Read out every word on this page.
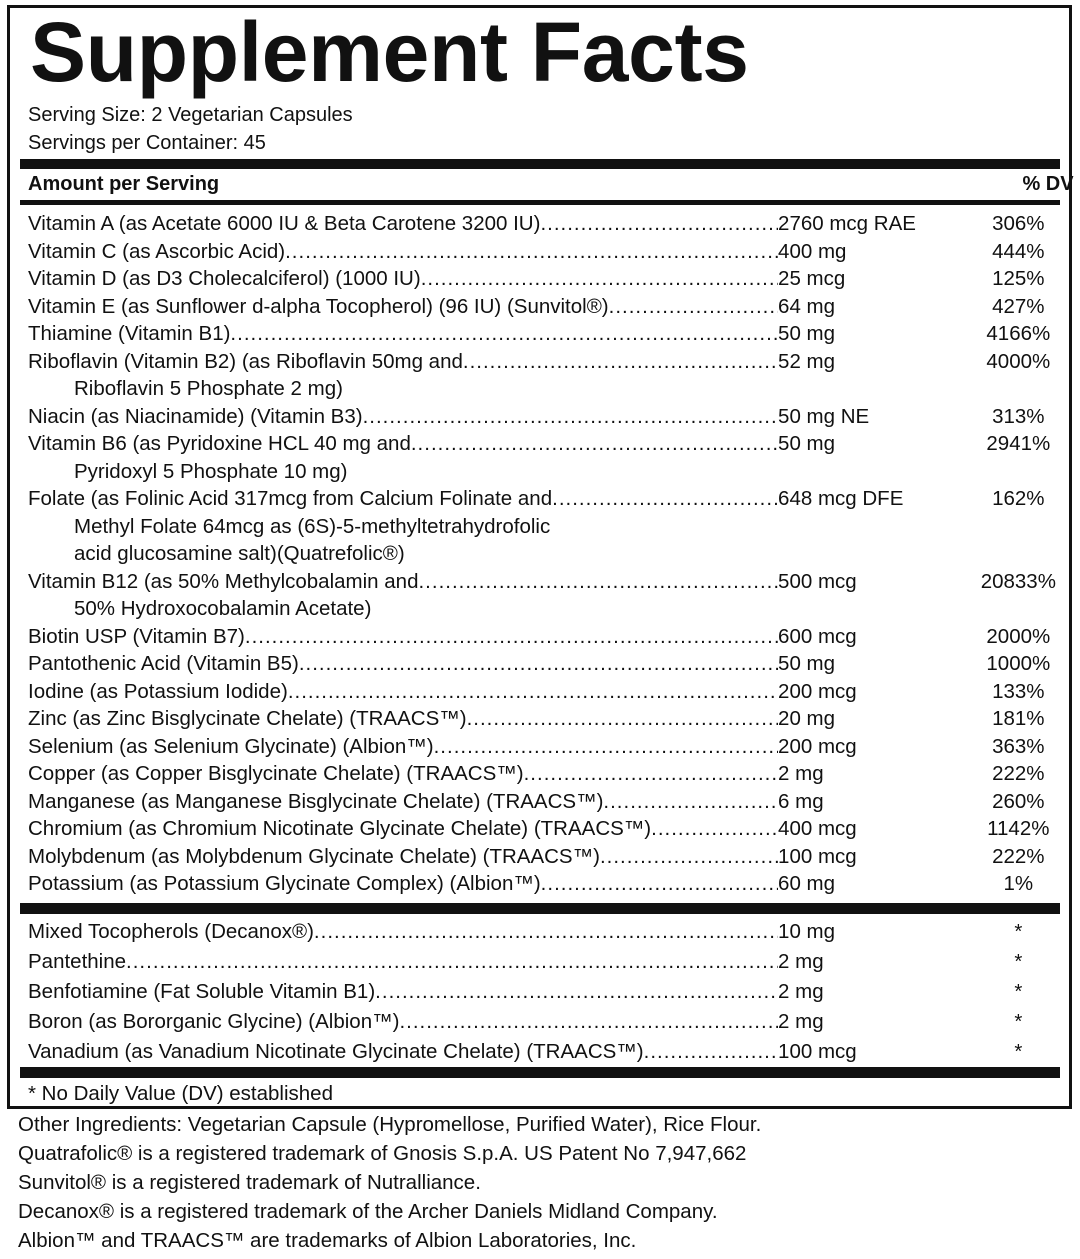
Supplement Facts
Serving Size: 2 Vegetarian Capsules
Servings per Container: 45
Amount per Serving	% DV
Vitamin A (as Acetate 6000 IU & Beta Carotene 3200 IU) .....	2760 mcg RAE	306%
Vitamin C (as Ascorbic Acid) .....	400 mg	444%
Vitamin D (as D3 Cholecalciferol) (1000 IU) .....	25 mcg	125%
Vitamin E (as Sunflower d-alpha Tocopherol) (96 IU) (Sunvitol®) .....	64 mg	427%
Thiamine (Vitamin B1) .....	50 mg	4166%
Riboflavin (Vitamin B2) (as Riboflavin 50mg and .....	52 mg	4000%
Riboflavin 5 Phosphate 2 mg)
Niacin (as Niacinamide) (Vitamin B3) .....	50 mg NE	313%
Vitamin B6 (as Pyridoxine HCL 40 mg and .....	50 mg	2941%
Pyridoxyl 5 Phosphate 10 mg)
Folate (as Folinic Acid 317mcg from Calcium Folinate and .....	648 mcg DFE	162%
Methyl Folate 64mcg as (6S)-5-methyltetrahydrofolic
acid glucosamine salt)(Quatrefolic®)
Vitamin B12 (as 50% Methylcobalamin and .....	500 mcg	20833%
50% Hydroxocobalamin Acetate)
Biotin USP (Vitamin B7) .....	600 mcg	2000%
Pantothenic Acid (Vitamin B5) .....	50 mg	1000%
Iodine (as Potassium Iodide) .....	200 mcg	133%
Zinc (as Zinc Bisglycinate Chelate) (TRAACS™) .....	20 mg	181%
Selenium (as Selenium Glycinate) (Albion™) .....	200 mcg	363%
Copper (as Copper Bisglycinate Chelate) (TRAACS™) .....	2 mg	222%
Manganese (as Manganese Bisglycinate Chelate) (TRAACS™) .....	6 mg	260%
Chromium (as Chromium Nicotinate Glycinate Chelate) (TRAACS™) .....	400 mcg	1142%
Molybdenum (as Molybdenum Glycinate Chelate) (TRAACS™) .....	100 mcg	222%
Potassium (as Potassium Glycinate Complex) (Albion™) .....	60 mg	1%
Mixed Tocopherols (Decanox®) .....	10 mg	*
Pantethine .....	2 mg	*
Benfotiamine (Fat Soluble Vitamin B1) .....	2 mg	*
Boron (as Bororganic Glycine) (Albion™) .....	2 mg	*
Vanadium (as Vanadium Nicotinate Glycinate Chelate) (TRAACS™) .....	100 mcg	*
* No Daily Value (DV) established
Other Ingredients: Vegetarian Capsule (Hypromellose, Purified Water), Rice Flour.
Quatrafolic® is a registered trademark of Gnosis S.p.A. US Patent No 7,947,662
Sunvitol® is a registered trademark of Nutralliance.
Decanox® is a registered trademark of the Archer Daniels Midland Company.
Albion™ and TRAACS™ are trademarks of Albion Laboratories, Inc.
